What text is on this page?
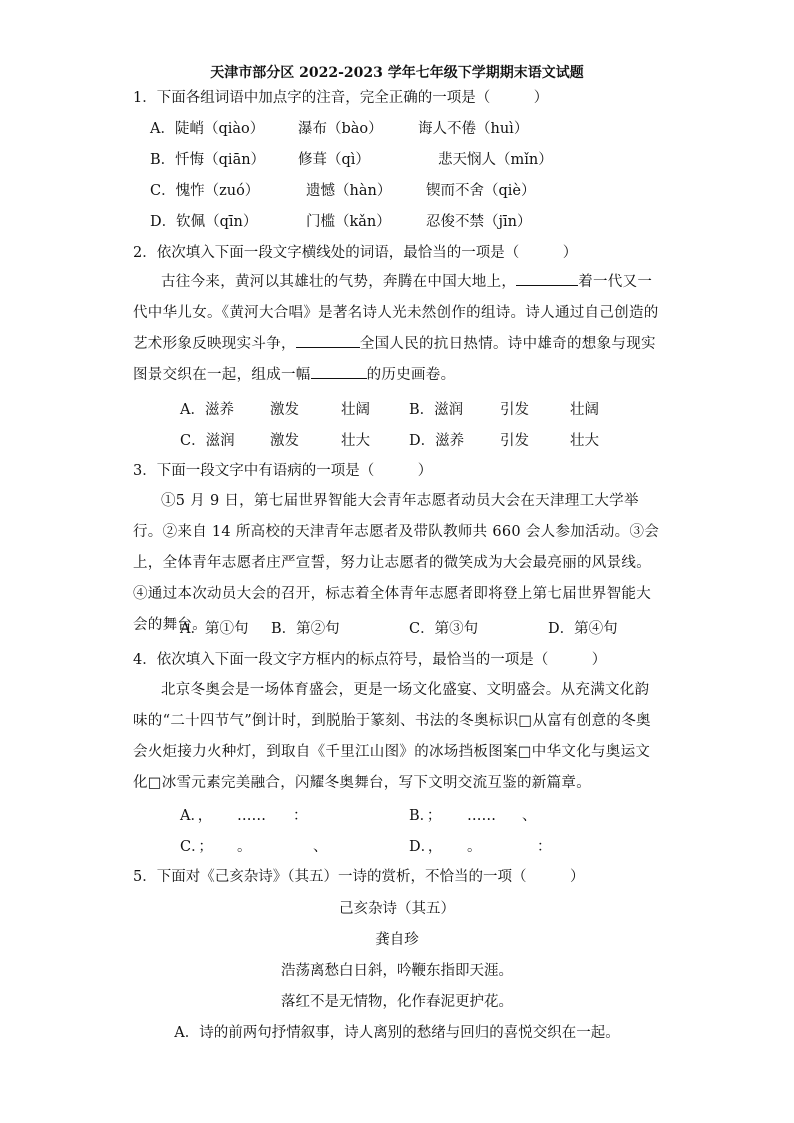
天津市部分区 2022-2023 学年七年级下学期期末语文试题
1．下面各组词语中加点字的注音，完全正确的一项是（　　　）
A．陡峭（qiào） 瀑布（bào） 诲人不倦（huì）
B．忏悔（qiān） 修葺（qì）	悲天悯人（mǐn）
C．愧怍（zuó）	遗憾（hàn） 锲而不舍（qiè）
D．钦佩（qīn）	门槛（kǎn） 忍俊不禁（jīn）
2．依次填入下面一段文字横线处的词语，最恰当的一项是（　　　）

古往今来，黄河以其雄壮的气势，奔腾在中国大地上，	着一代又一代中华儿女。《黄河大合唱》是著名诗人光未然创作的组诗。诗人通过自己创造的艺术形象反映现实斗争，	全国人民的抗日热情。诗中雄奇的想象与现实图景交织在一起，组成一幅	的历史画卷。

A．滋养 激发	壮阔	B．滋润	引发	壮阔
C．滋润 激发	壮大	D．滋养 引发	壮大
3．下面一段文字中有语病的一项是（　　　）

①5 月 9 日，第七届世界智能大会青年志愿者动员大会在天津理工大学举行。②来自 14 所高校的天津青年志愿者及带队教师共 660 会人参加活动。③会上，全体青年志愿者庄严宣誓，努力让志愿者的微笑成为大会最亮丽的风景线。④通过本次动员大会的召开，标志着全体青年志愿者即将登上第七届世界智能大会的舞台。

A．第①句 B．第②句	C．第③句	D．第④句
4．依次填入下面一段文字方框内的标点符号，最恰当的一项是（　　　）

北京冬奥会是一场体育盛会，更是一场文化盛宴、文明盛会。从充满文化韵味的“二十四节气”倒计时，到脱胎于篆刻、书法的冬奥标识□从富有创意的冬奥会火炬接力火种灯，到取自《千里江山图》的冰场挡板图案□中华文化与奥运文化□冰雪元素完美融合，闪耀冬奥舞台，写下文明交流互鉴的新篇章。

A．， …… ：	B．； …… 、
C．； 。	、	D．， 。	：
5．下面对《己亥杂诗》（其五）一诗的赏析，不恰当的一项（　　　）
己亥杂诗（其五）
龚自珍
浩荡离愁白日斜，吟鞭东指即天涯。
落红不是无情物，化作春泥更护花。
A．诗的前两句抒情叙事，诗人离别的愁绪与回归的喜悦交织在一起。
